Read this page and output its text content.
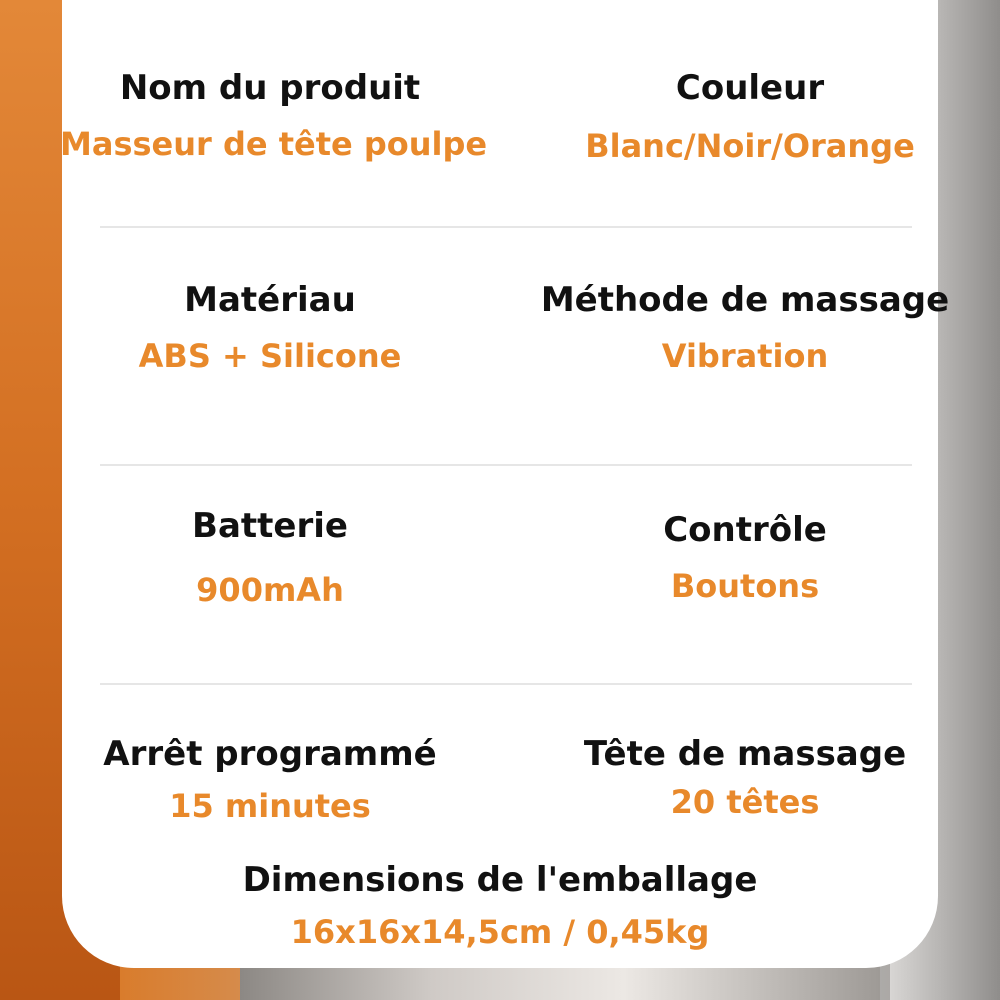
Nom du produit
Masseur de tête poulpe
Couleur
Blanc/Noir/Orange
Matériau
ABS + Silicone
Méthode de massage
Vibration
Batterie
900mAh
Contrôle
Boutons
Arrêt programmé
15 minutes
Tête de massage
20 têtes
Dimensions de l'emballage
16x16x14,5cm / 0,45kg
